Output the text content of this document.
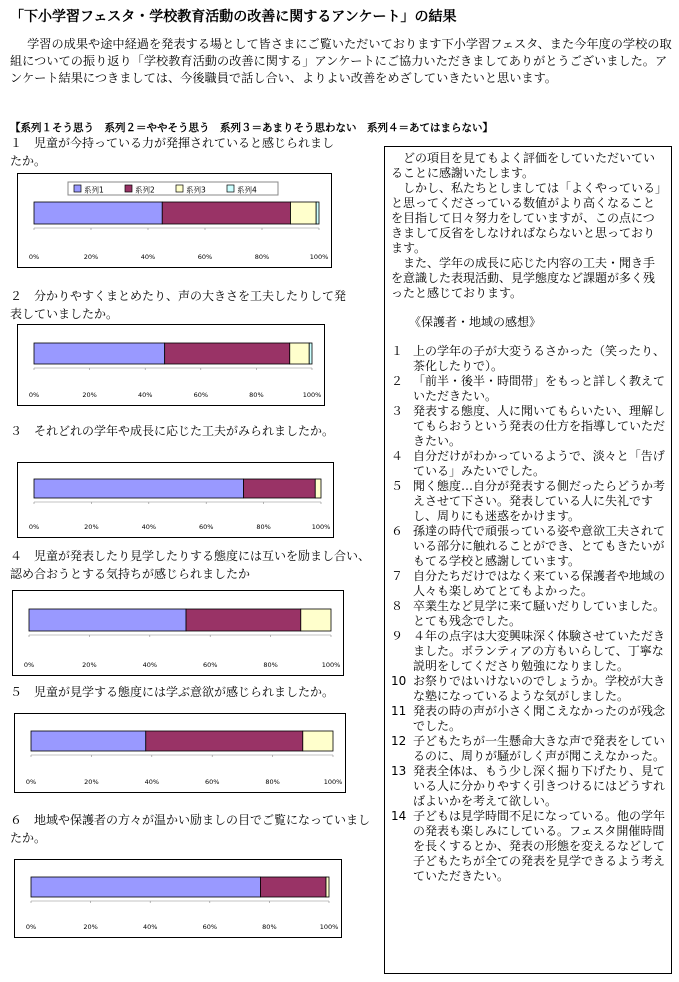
「下小学習フェスタ・学校教育活動の改善に関するアンケート」の結果
学習の成果や途中経過を発表する場として皆さまにご覧いただいております下小学習フェスタ、また今年度の学校の取組についての振り返り「学校教育活動の改善に関する」アンケートにご協力いただきましてありがとうございました。アンケート結果につきましては、今後職員で話し合い、よりよい改善をめざしていきたいと思います。
【系列１そう思う　系列２＝ややそう思う　系列３＝あまりそう思わない　系列４＝あてはまらない】
１　児童が今持っている力が発揮されていると感じられましたか。
系列1	系列2	系列3	系列4
0%	20%	40%	60%	80%	100%
２　分かりやすくまとめたり、声の大きさを工夫したりして発表していましたか。
0%	20%	40%	60%	80%	100%
３　それどれの学年や成長に応じた工夫がみられましたか。
0%	20%	40%	60%	80%	100%
４　児童が発表したり見学したりする態度には互いを励まし合い、認め合おうとする気持ちが感じられましたか
0%	20%	40%	60%	80%	100%
５　児童が見学する態度には学ぶ意欲が感じられましたか。
0%	20%	40%	60%	80%	100%
６　地域や保護者の方々が温かい励ましの目でご覧になっていましたか。
0%	20%	40%	60%	80%	100%

どの項目を見てもよく評価をしていただいていることに感謝いたします。

しかし、私たちとしましては「よくやっている」と思ってくださっている数値がより高くなることを目指して日々努力をしていますが、この点につきまして反省をしなければならないと思っております。

また、学年の成長に応じた内容の工夫・聞き手を意識した表現活動、見学態度など課題が多く残ったと感じております。

《保護者・地域の感想》

１ 上の学年の子が大変うるさかった（笑ったり、茶化したりで）。
２ 「前半・後半・時間帯」をもっと詳しく教えていただきたい。
３ 発表する態度、人に聞いてもらいたい、理解してもらおうという発表の仕方を指導していただきたい。
４ 自分だけがわかっているようで、淡々と「告げている」みたいでした。
５ 聞く態度…自分が発表する側だったらどうか考えさせて下さい。発表している人に失礼ですし、周りにも迷惑をかけます。
６ 孫達の時代で頑張っている姿や意欲工夫されている部分に触れることができ、とてもきたいがもてる学校と感謝しています。
７ 自分たちだけではなく来ている保護者や地域の人々も楽しめてとてもよかった。
８ 卒業生など見学に来て騒いだりしていました。とても残念でした。
９ ４年の点字は大変興味深く体験させていただきました。ボランティアの方もいらして、丁寧な説明をしてくださり勉強になりました。
10 お祭りではいけないのでしょうか。学校が大きな塾になっているような気がしました。
11 発表の時の声が小さく聞こえなかったのが残念でした。
12 子どもたちが一生懸命大きな声で発表をしているのに、周りが騒がしく声が聞こえなかった。
13 発表全体は、もう少し深く掘り下げたり、見ている人に分かりやすく引きつけるにはどうすればよいかを考えて欲しい。
14 子どもは見学時間不足になっている。他の学年の発表も楽しみにしている。フェスタ開催時間を長くするとか、発表の形態を変えるなどして子どもたちが全ての発表を見学できるよう考えていただきたい。
